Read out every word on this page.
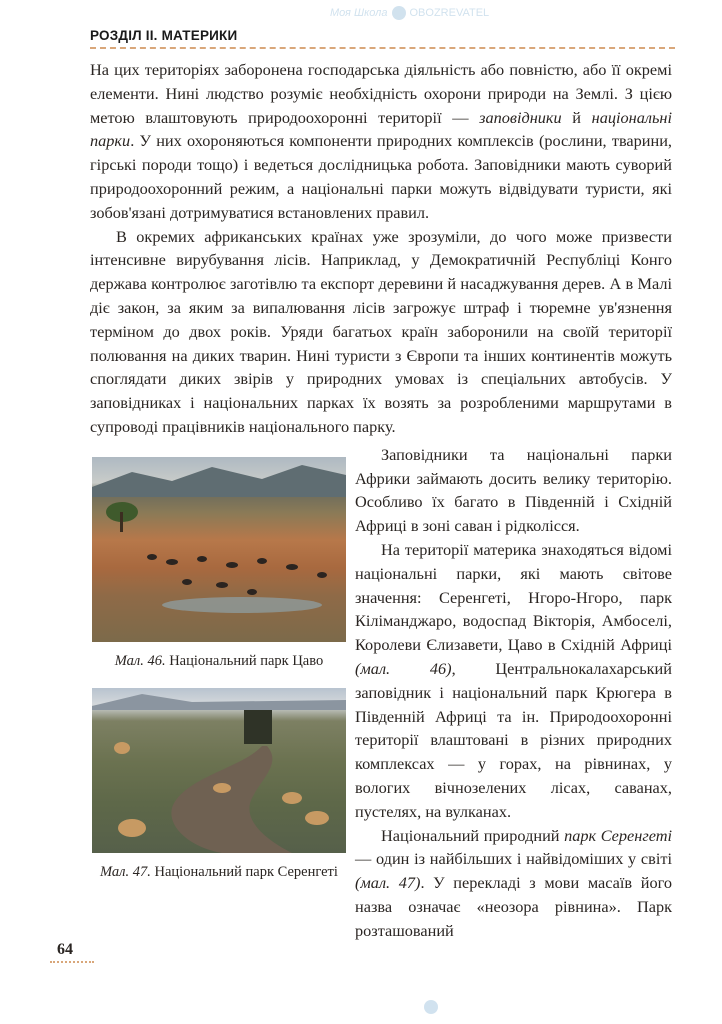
РОЗДІЛ ІІ. МАТЕРИКИ

На цих територіях заборонена господарська діяльність або повністю, або її окремі елементи. Нині людство розуміє необхідність охорони природи на Землі. З цією метою влаштовують природоохоронні території — заповідники й національні парки. У них охороняються компоненти природних комплексів (рослини, тварини, гірські породи тощо) і ведеться дослідницька робота. Заповідники мають суворий природоохоронний режим, а національні парки можуть відвідувати туристи, які зобов'язані дотримуватися встановлених правил.

В окремих африканських країнах уже зрозуміли, до чого може призвести інтенсивне вирубування лісів. Наприклад, у Демократичній Республіці Конго держава контролює заготівлю та експорт деревини й насаджування дерев. А в Малі діє закон, за яким за випалювання лісів загрожує штраф і тюремне ув'язнення терміном до двох років. Уряди багатьох країн заборонили на своїй території полювання на диких тварин. Нині туристи з Європи та інших континентів можуть споглядати диких звірів у природних умовах із спеціальних автобусів. У заповідниках і національних парках їх возять за розробленими маршрутами в супроводі працівників національного парку.

Мал. 46. Національний парк Цаво
Мал. 47. Національний парк Серенгеті

Заповідники та національні парки Африки займають досить велику територію. Особливо їх багато в Південній і Східній Африці в зоні саван і рідколісся.

На території материка знаходяться відомі національні парки, які мають світове значення: Серенгеті, Нгоро-Нгоро, парк Кіліманджаро, водоспад Вікторія, Амбоселі, Королеви Єлизавети, Цаво в Східній Африці (мал. 46), Центральнокалахарський заповідник і національний парк Крюгера в Південній Африці та ін. Природоохоронні території влаштовані в різних природних комплексах — у горах, на рівнинах, у вологих вічнозелених лісах, саванах, пустелях, на вулканах.

Національний природний парк Серенгеті — один із найбільших і найвідоміших у світі (мал. 47). У перекладі з мови масаїв його назва означає «неозора рівнина». Парк розташований

64
Моя Школа OBOZREVATEL
